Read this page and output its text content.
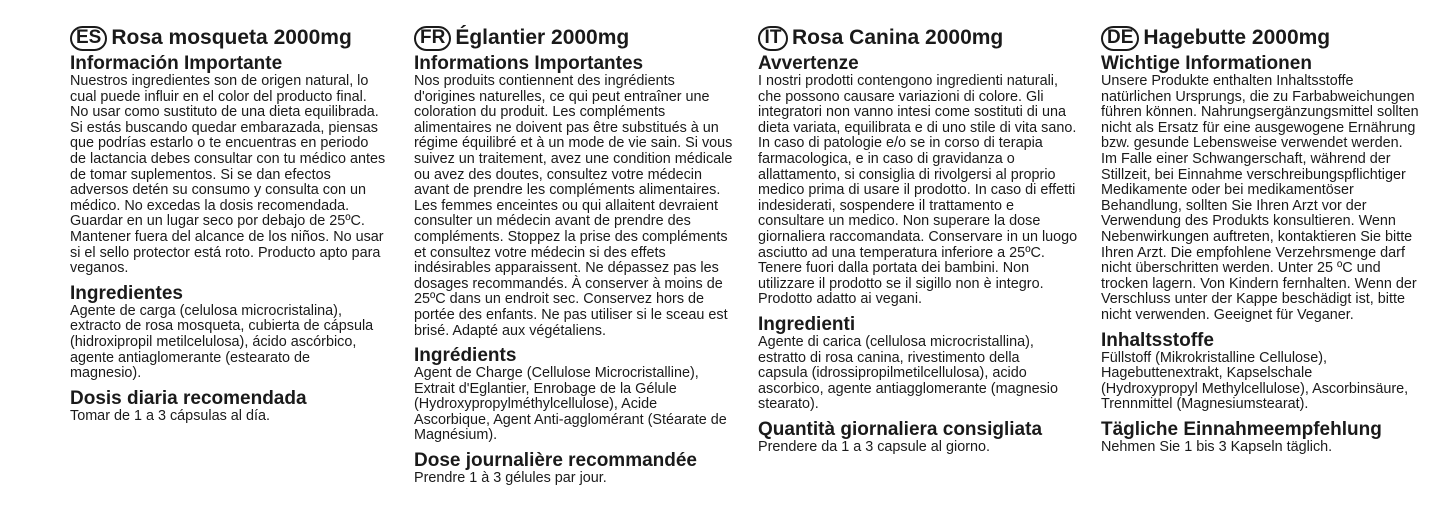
ES Rosa mosqueta 2000mg
Información Importante

Nuestros ingredientes son de origen natural, lo cual puede influir en el color del producto final. No usar como sustituto de una dieta equilibrada. Si estás buscando quedar embarazada, piensas que podrías estarlo o te encuentras en periodo de lactancia debes consultar con tu médico antes de tomar suplementos. Si se dan efectos adversos detén su consumo y consulta con un médico. No excedas la dosis recomendada. Guardar en un lugar seco por debajo de 25ºC. Mantener fuera del alcance de los niños. No usar si el sello protector está roto. Producto apto para veganos.

Ingredientes

Agente de carga (celulosa microcristalina), extracto de rosa mosqueta, cubierta de cápsula (hidroxipropil metilcelulosa), ácido ascórbico, agente antiaglomerante (estearato de magnesio).

Dosis diaria recomendada

Tomar de 1 a 3 cápsulas al día.

FR Églantier 2000mg
Informations Importantes

Nos produits contiennent des ingrédients d'origines naturelles, ce qui peut entraîner une coloration du produit. Les compléments alimentaires ne doivent pas être substitués à un régime équilibré et à un mode de vie sain. Si vous suivez un traitement, avez une condition médicale ou avez des doutes, consultez votre médecin avant de prendre les compléments alimentaires. Les femmes enceintes ou qui allaitent devraient consulter un médecin avant de prendre des compléments. Stoppez la prise des compléments et consultez votre médecin si des effets indésirables apparaissent. Ne dépassez pas les dosages recommandés. À conserver à moins de 25ºC dans un endroit sec. Conservez hors de portée des enfants. Ne pas utiliser si le sceau est brisé. Adapté aux végétaliens.

Ingrédients

Agent de Charge (Cellulose Microcristalline), Extrait d'Eglantier, Enrobage de la Gélule (Hydroxypropylméthylcellulose), Acide Ascorbique, Agent Anti-agglomérant (Stéarate de Magnésium).

Dose journalière recommandée

Prendre 1 à 3 gélules par jour.

IT Rosa Canina 2000mg
Avvertenze

I nostri prodotti contengono ingredienti naturali, che possono causare variazioni di colore. Gli integratori non vanno intesi come sostituti di una dieta variata, equilibrata e di uno stile di vita sano. In caso di patologie e/o se in corso di terapia farmacologica, e in caso di gravidanza o allattamento, si consiglia di rivolgersi al proprio medico prima di usare il prodotto. In caso di effetti indesiderati, sospendere il trattamento e consultare un medico. Non superare la dose giornaliera raccomandata. Conservare in un luogo asciutto ad una temperatura inferiore a 25ºC. Tenere fuori dalla portata dei bambini. Non utilizzare il prodotto se il sigillo non è integro. Prodotto adatto ai vegani.

Ingredienti

Agente di carica (cellulosa microcristallina), estratto di rosa canina, rivestimento della capsula (idrossipropilmetilcellulosa), acido ascorbico, agente antiagglomerante (magnesio stearato).

Quantità giornaliera consigliata

Prendere da 1 a 3 capsule al giorno.

DE Hagebutte 2000mg
Wichtige Informationen

Unsere Produkte enthalten Inhaltsstoffe natürlichen Ursprungs, die zu Farbabweichungen führen können. Nahrungsergänzungsmittel sollten nicht als Ersatz für eine ausgewogene Ernährung bzw. gesunde Lebensweise verwendet werden. Im Falle einer Schwangerschaft, während der Stillzeit, bei Einnahme verschreibungspflichtiger Medikamente oder bei medikamentöser Behandlung, sollten Sie Ihren Arzt vor der Verwendung des Produkts konsultieren. Wenn Nebenwirkungen auftreten, kontaktieren Sie bitte Ihren Arzt. Die empfohlene Verzehrsmenge darf nicht überschritten werden. Unter 25 ºC und trocken lagern. Von Kindern fernhalten. Wenn der Verschluss unter der Kappe beschädigt ist, bitte nicht verwenden. Geeignet für Veganer.

Inhaltsstoffe

Füllstoff (Mikrokristalline Cellulose), Hagebuttenextrakt, Kapselschale (Hydroxypropyl Methylcellulose), Ascorbinsäure, Trennmittel (Magnesiumstearat).

Tägliche Einnahmeempfehlung

Nehmen Sie 1 bis 3 Kapseln täglich.
